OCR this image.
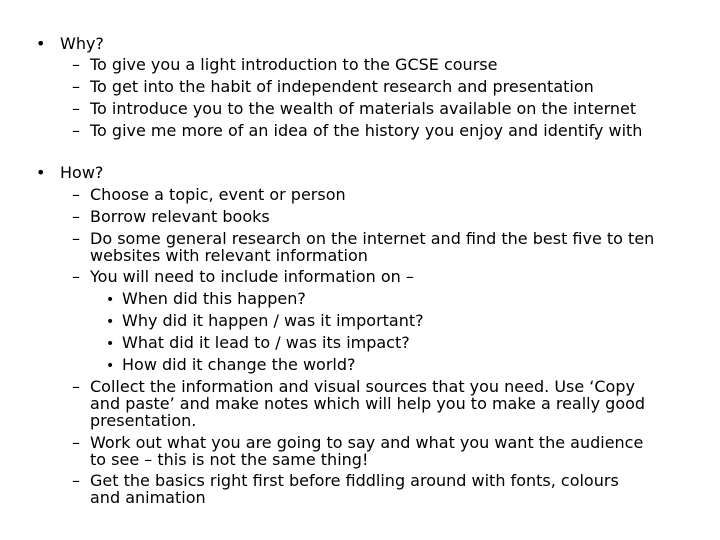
• Why?
– To give you a light introduction to the GCSE course
– To get into the habit of independent research and presentation
– To introduce you to the wealth of materials available on the internet
– To give me more of an idea of the history you enjoy and identify with
• How?
– Choose a topic, event or person
– Borrow relevant books
– Do some general research on the internet and find the best five to ten
websites with relevant information
– You will need to include information on –
• When did this happen?
• Why did it happen / was it important?
• What did it lead to / was its impact?
• How did it change the world?
– Collect the information and visual sources that you need. Use ‘Copy
and paste’ and make notes which will help you to make a really good
presentation.
– Work out what you are going to say and what you want the audience
to see – this is not the same thing!
– Get the basics right first before fiddling around with fonts, colours
and animation
